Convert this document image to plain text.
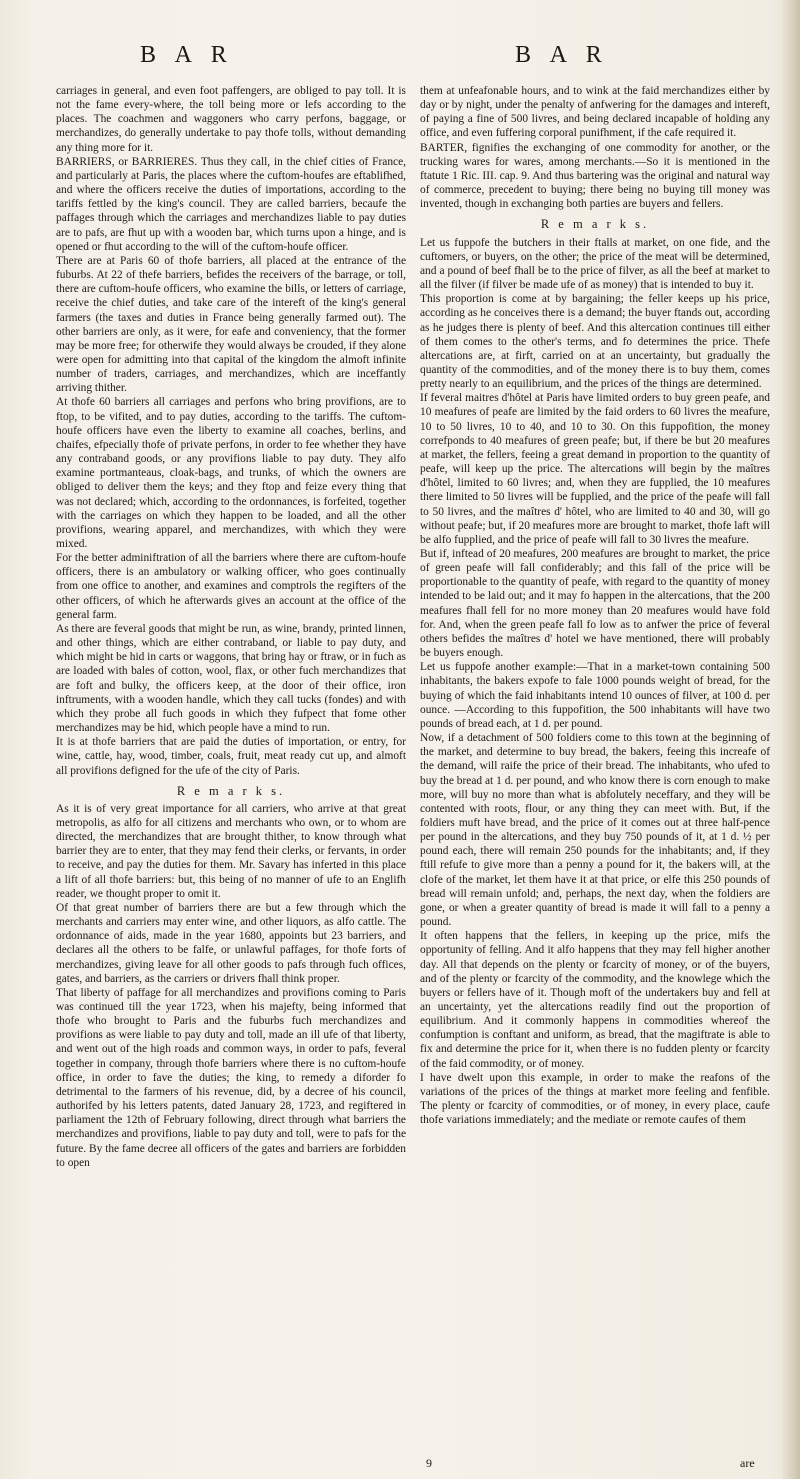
B A R	B A R

carriages in general, and even foot paffengers, are obliged to pay toll. It is not the fame every-where, the toll being more or lefs according to the places. The coachmen and waggoners who carry perfons, baggage, or merchandizes, do generally undertake to pay thofe tolls, without demanding any thing more for it.

BARRIERS, or BARRIERES. Thus they call, in the chief cities of France, and particularly at Paris, the places where the cuftom-houfes are eftablifhed, and where the officers receive the duties of importations, according to the tariffs fettled by the king's council. They are called barriers, becaufe the paffages through which the carriages and merchandizes liable to pay duties are to pafs, are fhut up with a wooden bar, which turns upon a hinge, and is opened or fhut according to the will of the cuftom-houfe officer.

There are at Paris 60 of thofe barriers, all placed at the entrance of the fuburbs. At 22 of thefe barriers, befides the receivers of the barrage, or toll, there are cuftom-houfe officers, who examine the bills, or letters of carriage, receive the chief duties, and take care of the intereft of the king's general farmers (the taxes and duties in France being generally farmed out). The other barriers are only, as it were, for eafe and conveniency, that the former may be more free; for otherwife they would always be crouded, if they alone were open for admitting into that capital of the kingdom the almoft infinite number of traders, carriages, and merchandizes, which are inceffantly arriving thither.

At thofe 60 barriers all carriages and perfons who bring provifions, are to ftop, to be vifited, and to pay duties, according to the tariffs. The cuftom-houfe officers have even the liberty to examine all coaches, berlins, and chaifes, efpecially thofe of private perfons, in order to fee whether they have any contraband goods, or any provifions liable to pay duty. They alfo examine portmanteaus, cloak-bags, and trunks, of which the owners are obliged to deliver them the keys; and they ftop and feize every thing that was not declared; which, according to the ordonnances, is forfeited, together with the carriages on which they happen to be loaded, and all the other provifions, wearing apparel, and merchandizes, with which they were mixed.

For the better adminiftration of all the barriers where there are cuftom-houfe officers, there is an ambulatory or walking officer, who goes continually from one office to another, and examines and comptrols the regifters of the other officers, of which he afterwards gives an account at the office of the general farm.

As there are feveral goods that might be run, as wine, brandy, printed linnen, and other things, which are either contraband, or liable to pay duty, and which might be hid in carts or waggons, that bring hay or ftraw, or in fuch as are loaded with bales of cotton, wool, flax, or other fuch merchandizes that are foft and bulky, the officers keep, at the door of their office, iron inftruments, with a wooden handle, which they call tucks (fondes) and with which they probe all fuch goods in which they fufpect that fome other merchandizes may be hid, which people have a mind to run.

It is at thofe barriers that are paid the duties of importation, or entry, for wine, cattle, hay, wood, timber, coals, fruit, meat ready cut up, and almoft all provifions defigned for the ufe of the city of Paris.

R e m a r k s.

As it is of very great importance for all carriers, who arrive at that great metropolis, as alfo for all citizens and merchants who own, or to whom are directed, the merchandizes that are brought thither, to know through what barrier they are to enter, that they may fend their clerks, or fervants, in order to receive, and pay the duties for them. Mr. Savary has inferted in this place a lift of all thofe barriers: but, this being of no manner of ufe to an Englifh reader, we thought proper to omit it.

Of that great number of barriers there are but a few through which the merchants and carriers may enter wine, and other liquors, as alfo cattle. The ordonnance of aids, made in the year 1680, appoints but 23 barriers, and declares all the others to be falfe, or unlawful paffages, for thofe forts of merchandizes, giving leave for all other goods to pafs through fuch offices, gates, and barriers, as the carriers or drivers fhall think proper.

That liberty of paffage for all merchandizes and provifions coming to Paris was continued till the year 1723, when his majefty, being informed that thofe who brought to Paris and the fuburbs fuch merchandizes and provifions as were liable to pay duty and toll, made an ill ufe of that liberty, and went out of the high roads and common ways, in order to pafs, feveral together in company, through thofe barriers where there is no cuftom-houfe office, in order to fave the duties; the king, to remedy a diforder fo detrimental to the farmers of his revenue, did, by a decree of his council, authorifed by his letters patents, dated January 28, 1723, and regiftered in parliament the 12th of February following, direct through what barriers the merchandizes and provifions, liable to pay duty and toll, were to pafs for the future. By the fame decree all officers of the gates and barriers are forbidden to open

them at unfeafonable hours, and to wink at the faid merchandizes either by day or by night, under the penalty of anfwering for the damages and intereft, of paying a fine of 500 livres, and being declared incapable of holding any office, and even fuffering corporal punifhment, if the cafe required it.

BARTER, fignifies the exchanging of one commodity for another, or the trucking wares for wares, among merchants.—So it is mentioned in the ftatute 1 Ric. III. cap. 9. And thus bartering was the original and natural way of commerce, precedent to buying; there being no buying till money was invented, though in exchanging both parties are buyers and fellers.

R e m a r k s.

Let us fuppofe the butchers in their ftalls at market, on one fide, and the cuftomers, or buyers, on the other; the price of the meat will be determined, and a pound of beef fhall be to the price of filver, as all the beef at market to all the filver (if filver be made ufe of as money) that is intended to buy it.

This proportion is come at by bargaining; the feller keeps up his price, according as he conceives there is a demand; the buyer ftands out, according as he judges there is plenty of beef. And this altercation continues till either of them comes to the other's terms, and fo determines the price. Thefe altercations are, at firft, carried on at an uncertainty, but gradually the quantity of the commodities, and of the money there is to buy them, comes pretty nearly to an equilibrium, and the prices of the things are determined.

If feveral maitres d'hôtel at Paris have limited orders to buy green peafe, and 10 meafures of peafe are limited by the faid orders to 60 livres the meafure, 10 to 50 livres, 10 to 40, and 10 to 30. On this fuppofition, the money correfponds to 40 meafures of green peafe; but, if there be but 20 meafures at market, the fellers, feeing a great demand in proportion to the quantity of peafe, will keep up the price. The altercations will begin by the maîtres d'hôtel, limited to 60 livres; and, when they are fupplied, the 10 meafures there limited to 50 livres will be fupplied, and the price of the peafe will fall to 50 livres, and the maîtres d' hôtel, who are limited to 40 and 30, will go without peafe; but, if 20 meafures more are brought to market, thofe laft will be alfo fupplied, and the price of peafe will fall to 30 livres the meafure.

But if, inftead of 20 meafures, 200 meafures are brought to market, the price of green peafe will fall confiderably; and this fall of the price will be proportionable to the quantity of peafe, with regard to the quantity of money intended to be laid out; and it may fo happen in the altercations, that the 200 meafures fhall fell for no more money than 20 meafures would have fold for. And, when the green peafe fall fo low as to anfwer the price of feveral others befides the maîtres d' hotel we have mentioned, there will probably be buyers enough.

Let us fuppofe another example:—That in a market-town containing 500 inhabitants, the bakers expofe to fale 1000 pounds weight of bread, for the buying of which the faid inhabitants intend 10 ounces of filver, at 100 d. per ounce. —According to this fuppofition, the 500 inhabitants will have two pounds of bread each, at 1 d. per pound.

Now, if a detachment of 500 foldiers come to this town at the beginning of the market, and determine to buy bread, the bakers, feeing this increafe of the demand, will raife the price of their bread. The inhabitants, who ufed to buy the bread at 1 d. per pound, and who know there is corn enough to make more, will buy no more than what is abfolutely neceffary, and they will be contented with roots, flour, or any thing they can meet with. But, if the foldiers muft have bread, and the price of it comes out at three half-pence per pound in the altercations, and they buy 750 pounds of it, at 1 d. ½ per pound each, there will remain 250 pounds for the inhabitants; and, if they ftill refufe to give more than a penny a pound for it, the bakers will, at the clofe of the market, let them have it at that price, or elfe this 250 pounds of bread will remain unfold; and, perhaps, the next day, when the foldiers are gone, or when a greater quantity of bread is made it will fall to a penny a pound.

It often happens that the fellers, in keeping up the price, mifs the opportunity of felling. And it alfo happens that they may fell higher another day. All that depends on the plenty or fcarcity of money, or of the buyers, and of the plenty or fcarcity of the commodity, and the knowlege which the buyers or fellers have of it. Though moft of the undertakers buy and fell at an uncertainty, yet the altercations readily find out the proportion of equilibrium. And it commonly happens in commodities whereof the confumption is conftant and uniform, as bread, that the magiftrate is able to fix and determine the price for it, when there is no fudden plenty or fcarcity of the faid commodity, or of money.

I have dwelt upon this example, in order to make the reafons of the variations of the prices of the things at market more feeling and fenfible. The plenty or fcarcity of commodities, or of money, in every place, caufe thofe variations immediately; and the mediate or remote caufes of them

9	are
